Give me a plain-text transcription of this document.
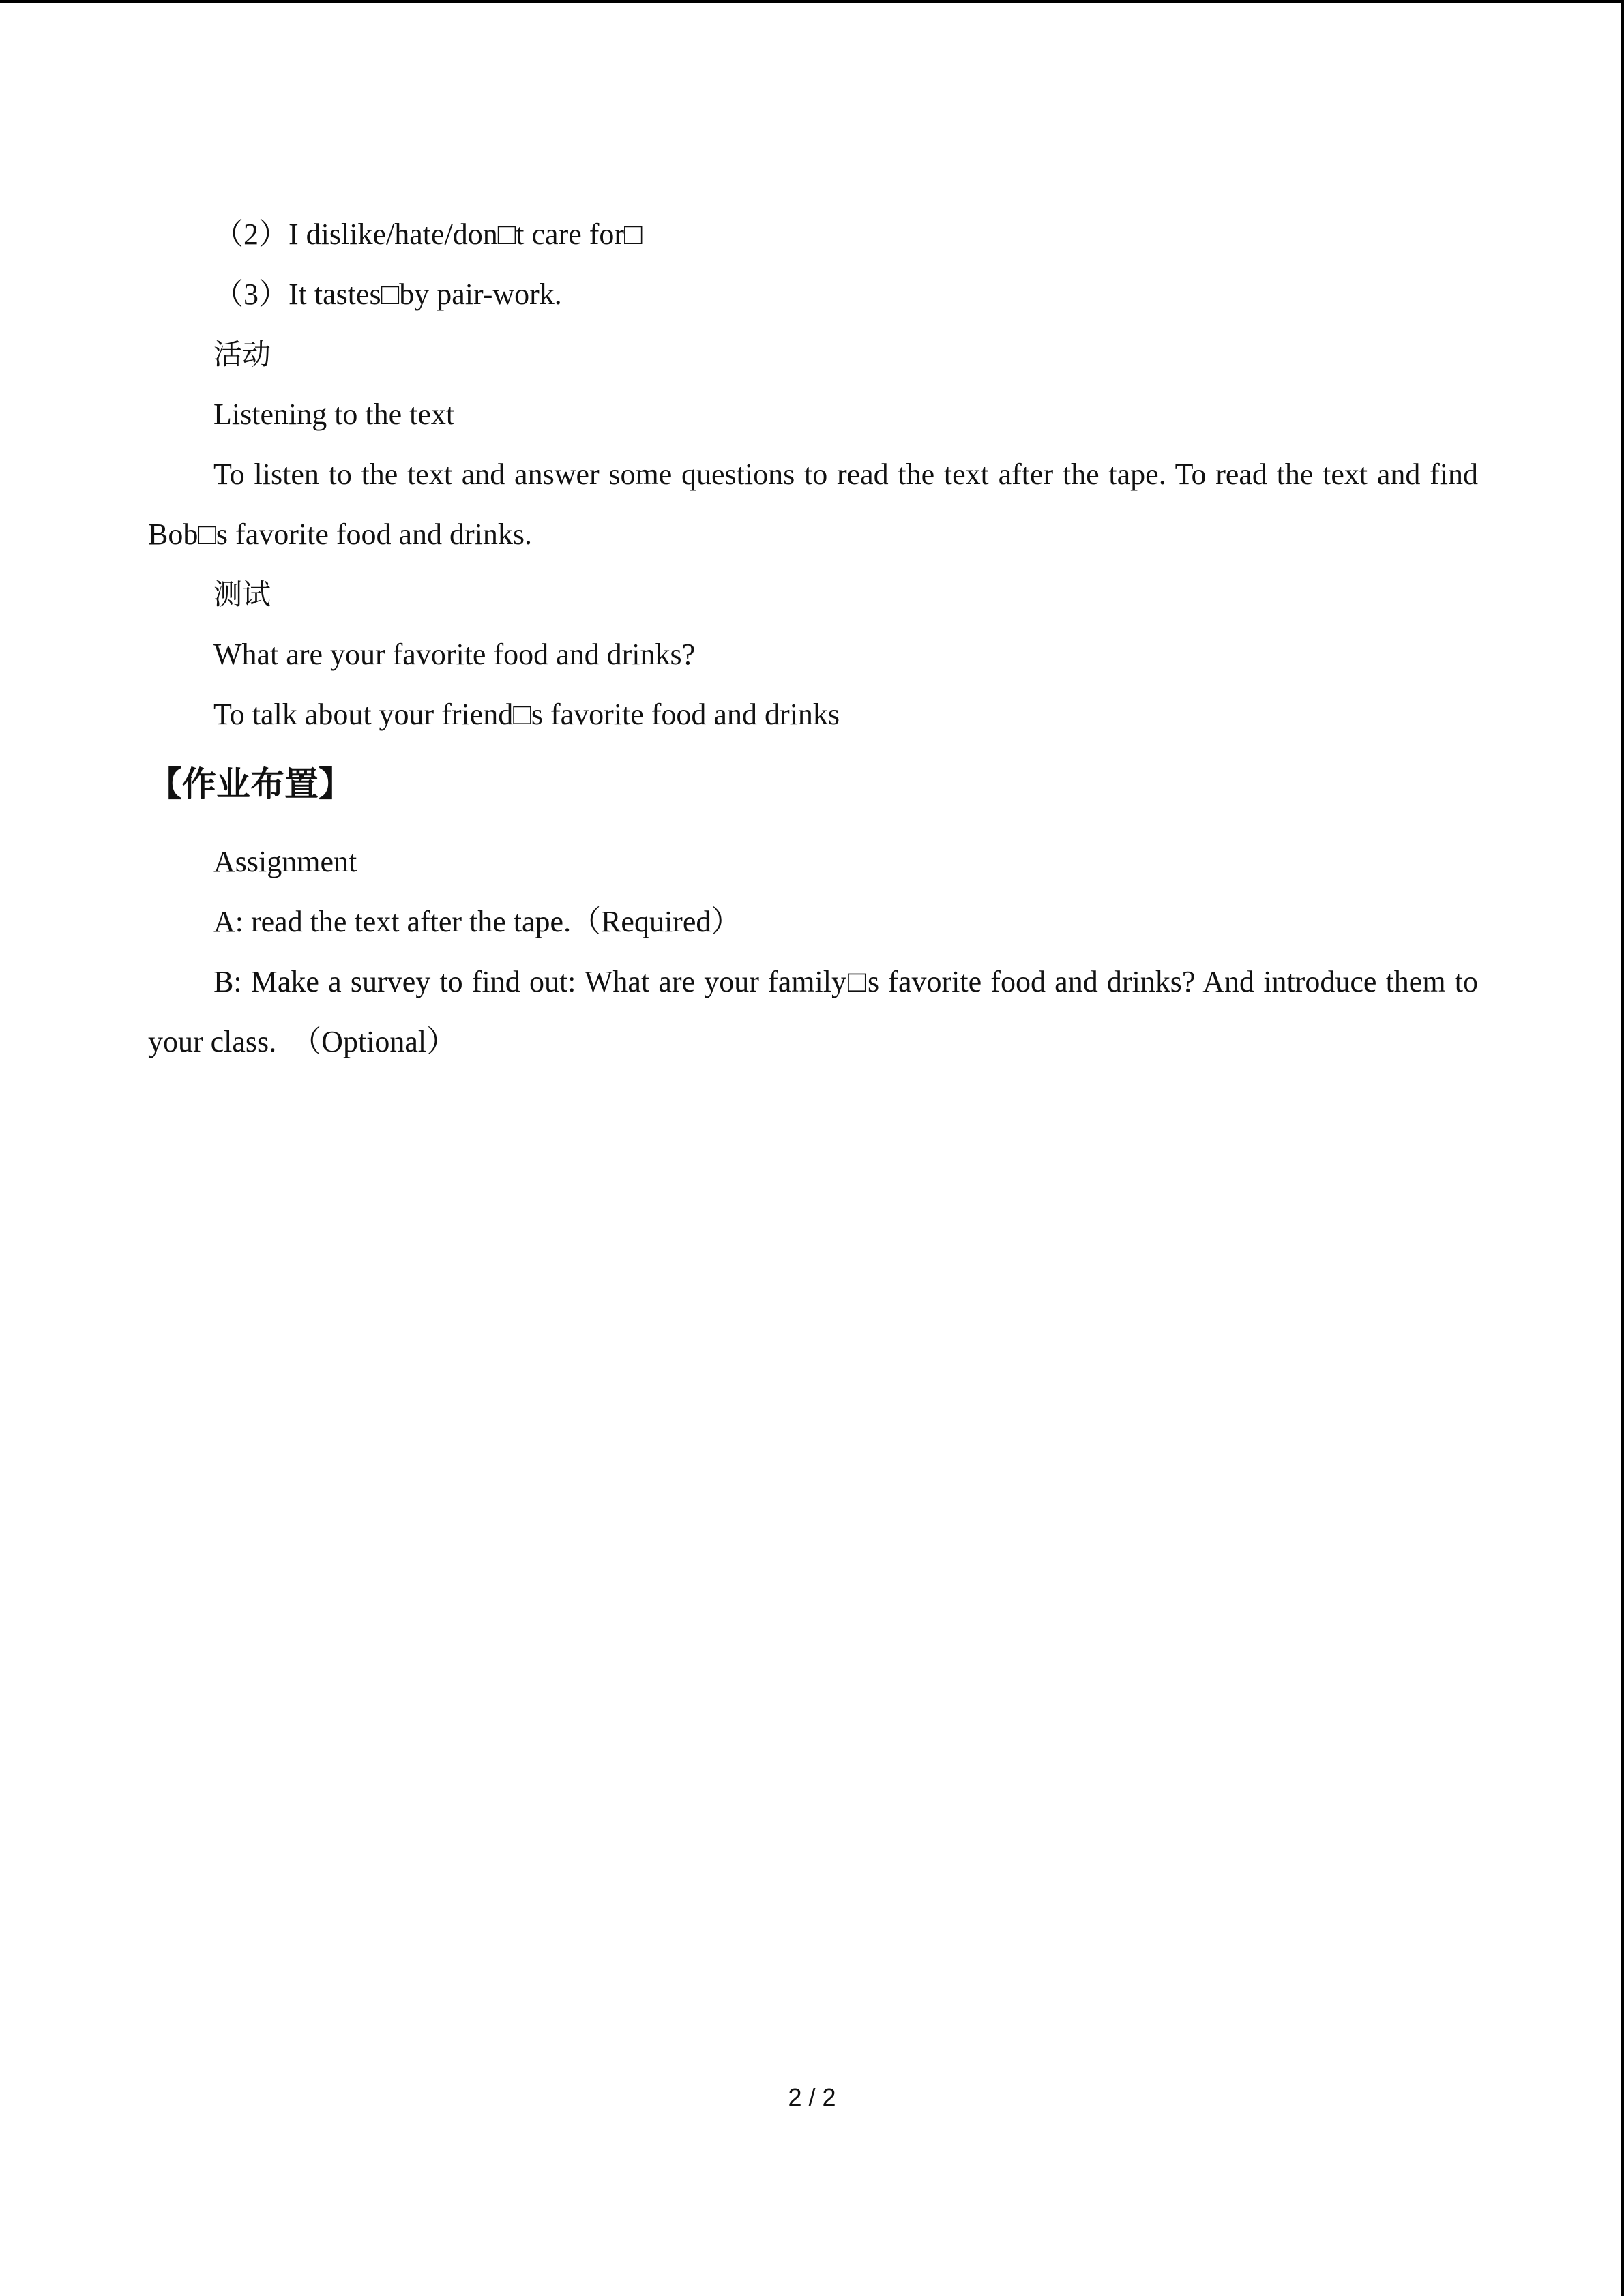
（2）I dislike/hate/don□t care for□

（3）It tastes□by pair-work.

活动

Listening to the text

To listen to the text and answer some questions to read the text after the tape. To read the text and find Bob□s favorite food and drinks.

测试

What are your favorite food and drinks?

To talk about your friend□s favorite food and drinks

【作业布置】

Assignment

A: read the text after the tape.（Required）

B: Make a survey to find out: What are your family□s favorite food and drinks? And introduce them to your class.  （Optional）

2 / 2
